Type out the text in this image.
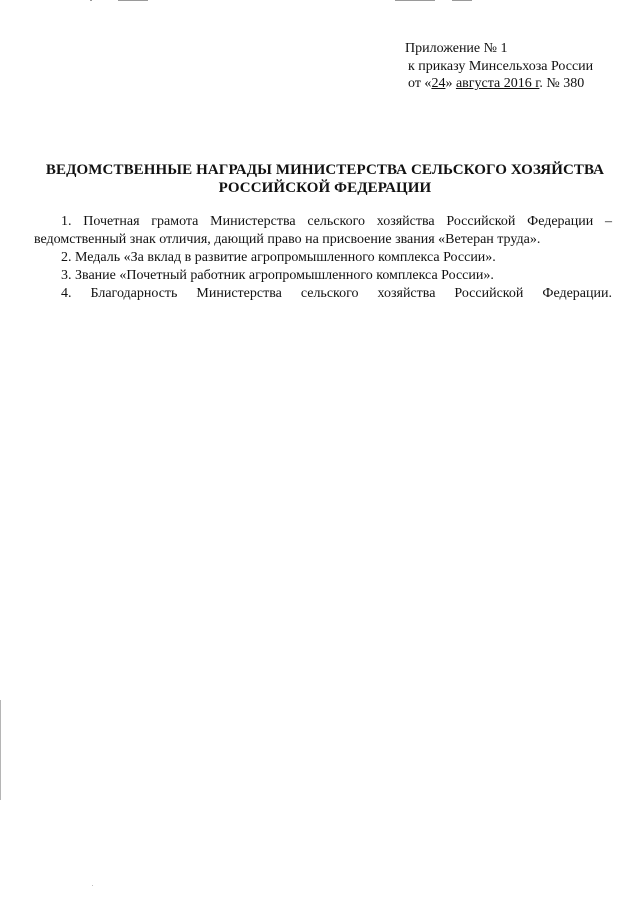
Приложение № 1
к приказу Минсельхоза России
от «24» августа 2016 г. № 380
ВЕДОМСТВЕННЫЕ НАГРАДЫ МИНИСТЕРСТВА СЕЛЬСКОГО ХОЗЯЙСТВА
РОССИЙСКОЙ ФЕДЕРАЦИИ

1. Почетная грамота Министерства сельского хозяйства Российской Федерации – ведомственный знак отличия, дающий право на присвоение звания «Ветеран труда».

2. Медаль «За вклад в развитие агропромышленного комплекса России».

3. Звание «Почетный работник агропромышленного комплекса России».

4. Благодарность Министерства сельского хозяйства Российской Федерации.
